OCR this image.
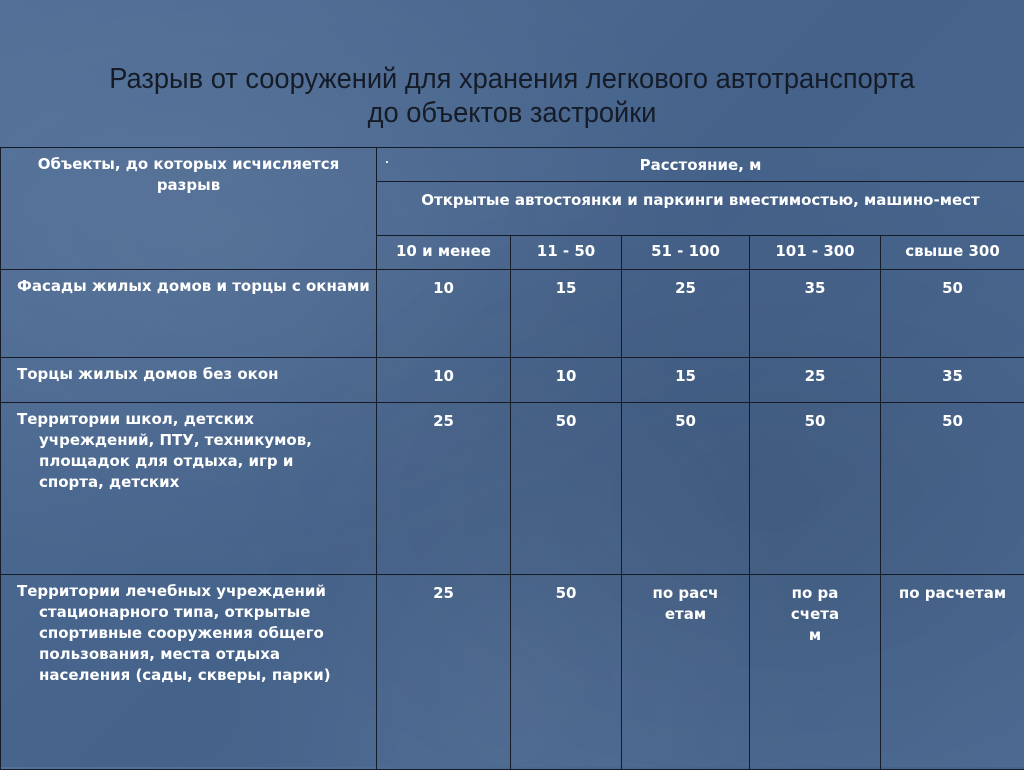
Разрыв от сооружений для хранения легкового автотранспорта
до объектов застройки
Объекты, до которых исчисляется разрыв	. Расстояние, м				
	Открытые автостоянки и паркинги вместимостью, машино-мест				
	10 и менее	11 - 50	51 - 100	101 - 300	свыше 300

Фасады жилых домов и торцы с окнами	10	15	25	35	50

Торцы жилых домов без окон	10	10	15	25	35

Территории школ, детских учреждений, ПТУ, техникумов, площадок для отдыха, игр и спорта, детских	25	50	50	50	50

Территории лечебных учреждений стационарного типа, открытые спортивные сооружения общего пользования, места отдыха населения (сады, скверы, парки)	25	50	по расчетам	по расчетам	по расчетам
